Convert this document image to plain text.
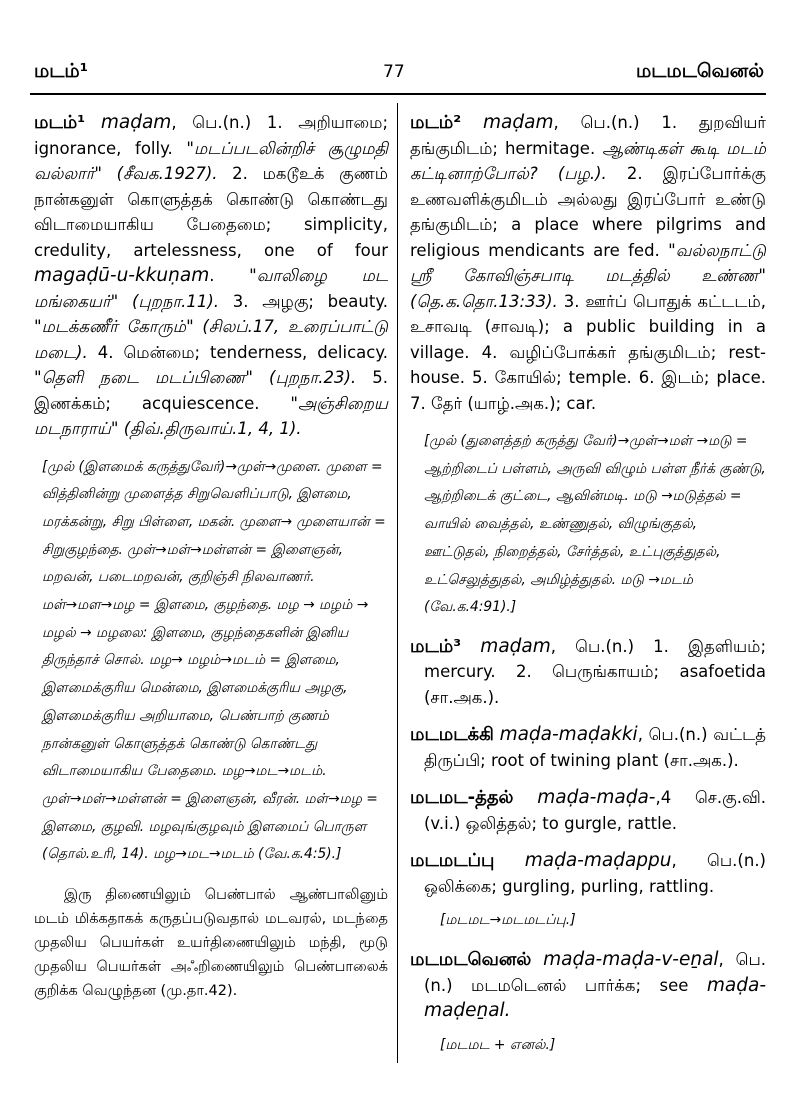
மடம்¹	77	மடமடவெனல்

மடம்¹ maḍam, பெ.(n.) 1. அறியாமை; ignorance, folly. "மடப்படலின்றிச் சூழுமதி வல்லார்" (சீவக.1927). 2. மகடூஉக் குணம் நான்கனுள் கொளுத்தக் கொண்டு கொண்டது விடாமையாகிய பேதைமை; simplicity, credulity, artelessness, one of four magaḍū-u-kkuṇam. "வாலிழை மட மங்கையர்" (புறநா.11). 3. அழகு; beauty. "மடக்கணீர் கோரும்" (சிலப்.17, உரைப்பாட்டு மடை). 4. மென்மை; tenderness, delicacy. "தெளி நடை மடப்பிணை" (புறநா.23). 5. இணக்கம்; acquiescence. "அஞ்சிறைய மடநாராய்" (திவ்.திருவாய்.1, 4, 1).

[முல் (இளமைக் கருத்துவேர்)→முள்→முளை. முளை = வித்தினின்று முளைத்த சிறுவெளிப்பாடு, இளமை, மரக்கன்று, சிறு பிள்ளை, மகன். முளை→ முளையான் = சிறுகுழந்தை. முள்→மள்→மள்ளன் = இளைஞன், மறவன், படைமறவன், குறிஞ்சி நிலவாணர். மள்→மள→மழ = இளமை, குழந்தை. மழ → மழம் → மழல் → மழலை: இளமை, குழந்தைகளின் இனிய திருந்தாச் சொல். மழ→ மழம்→மடம் = இளமை, இளமைக்குரிய மென்மை, இளமைக்குரிய அழகு, இளமைக்குரிய அறியாமை, பெண்பாற் குணம் நான்கனுள் கொளுத்தக் கொண்டு கொண்டது விடாமையாகிய பேதைமை. மழ→மட→மடம். முள்→மள்→மள்ளன் = இளைஞன், வீரன். மள்→மழ = இளமை, குழவி. மழவுங்குழவும் இளமைப் பொருள (தொல்.உரி, 14). மழ→மட→மடம் (வே.க.4:5).]

இரு திணையிலும் பெண்பால் ஆண்பாலினும் மடம் மிக்கதாகக் கருதப்படுவதால் மடவரல், மடந்தை முதலிய பெயர்கள் உயர்திணையிலும் மந்தி, மூடு முதலிய பெயர்கள் அஃறிணையிலும் பெண்பாலைக் குறிக்க வெழுந்தன (மு.தா.42).

மடம்² maḍam, பெ.(n.) 1. துறவியர் தங்குமிடம்; hermitage. ஆண்டிகள் கூடி மடம் கட்டினாற்போல்? (பழ.). 2. இரப்போர்க்கு உணவளிக்குமிடம் அல்லது இரப்போர் உண்டு தங்குமிடம்; a place where pilgrims and religious mendicants are fed. "வல்லநாட்டு ஸ்ரீ கோவிஞ்சபாடி மடத்தில் உண்ண" (தெ.க.தொ.13:33). 3. ஊர்ப் பொதுக் கட்டடம், உசாவடி (சாவடி); a public building in a village. 4. வழிப்போக்கர் தங்குமிடம்; rest-house. 5. கோயில்; temple. 6. இடம்; place. 7. தேர் (யாழ்.அக.); car.

[முல் (துளைத்தற் கருத்து வேர்)→முள்→மள் →மடு = ஆற்றிடைப் பள்ளம், அருவி விழும் பள்ள நீர்க் குண்டு, ஆற்றிடைக் குட்டை, ஆவின்மடி. மடு →மடுத்தல் = வாயில் வைத்தல், உண்ணுதல், விழுங்குதல், ஊட்டுதல், நிறைத்தல், சேர்த்தல், உட்புகுத்துதல், உட்செலுத்துதல், அமிழ்த்துதல். மடு →மடம் (வே.க.4:91).]

மடம்³ maḍam, பெ.(n.) 1. இதளியம்; mercury. 2. பெருங்காயம்; asafoetida (சா.அக.).

மடமடக்கி maḍa-maḍakki, பெ.(n.) வட்டத் திருப்பி; root of twining plant (சா.அக.).

மடமட-த்தல் maḍa-maḍa-,4 செ.கு.வி. (v.i.) ஒலித்தல்; to gurgle, rattle.

மடமடப்பு maḍa-maḍappu, பெ.(n.) ஒலிக்கை; gurgling, purling, rattling.

[மடமட→மடமடப்பு.]

மடமடவெனல் maḍa-maḍa-v-eṉal, பெ.(n.) மடமடெனல் பார்க்க; see maḍa-maḍeṉal.

[மடமட + எனல்.]
